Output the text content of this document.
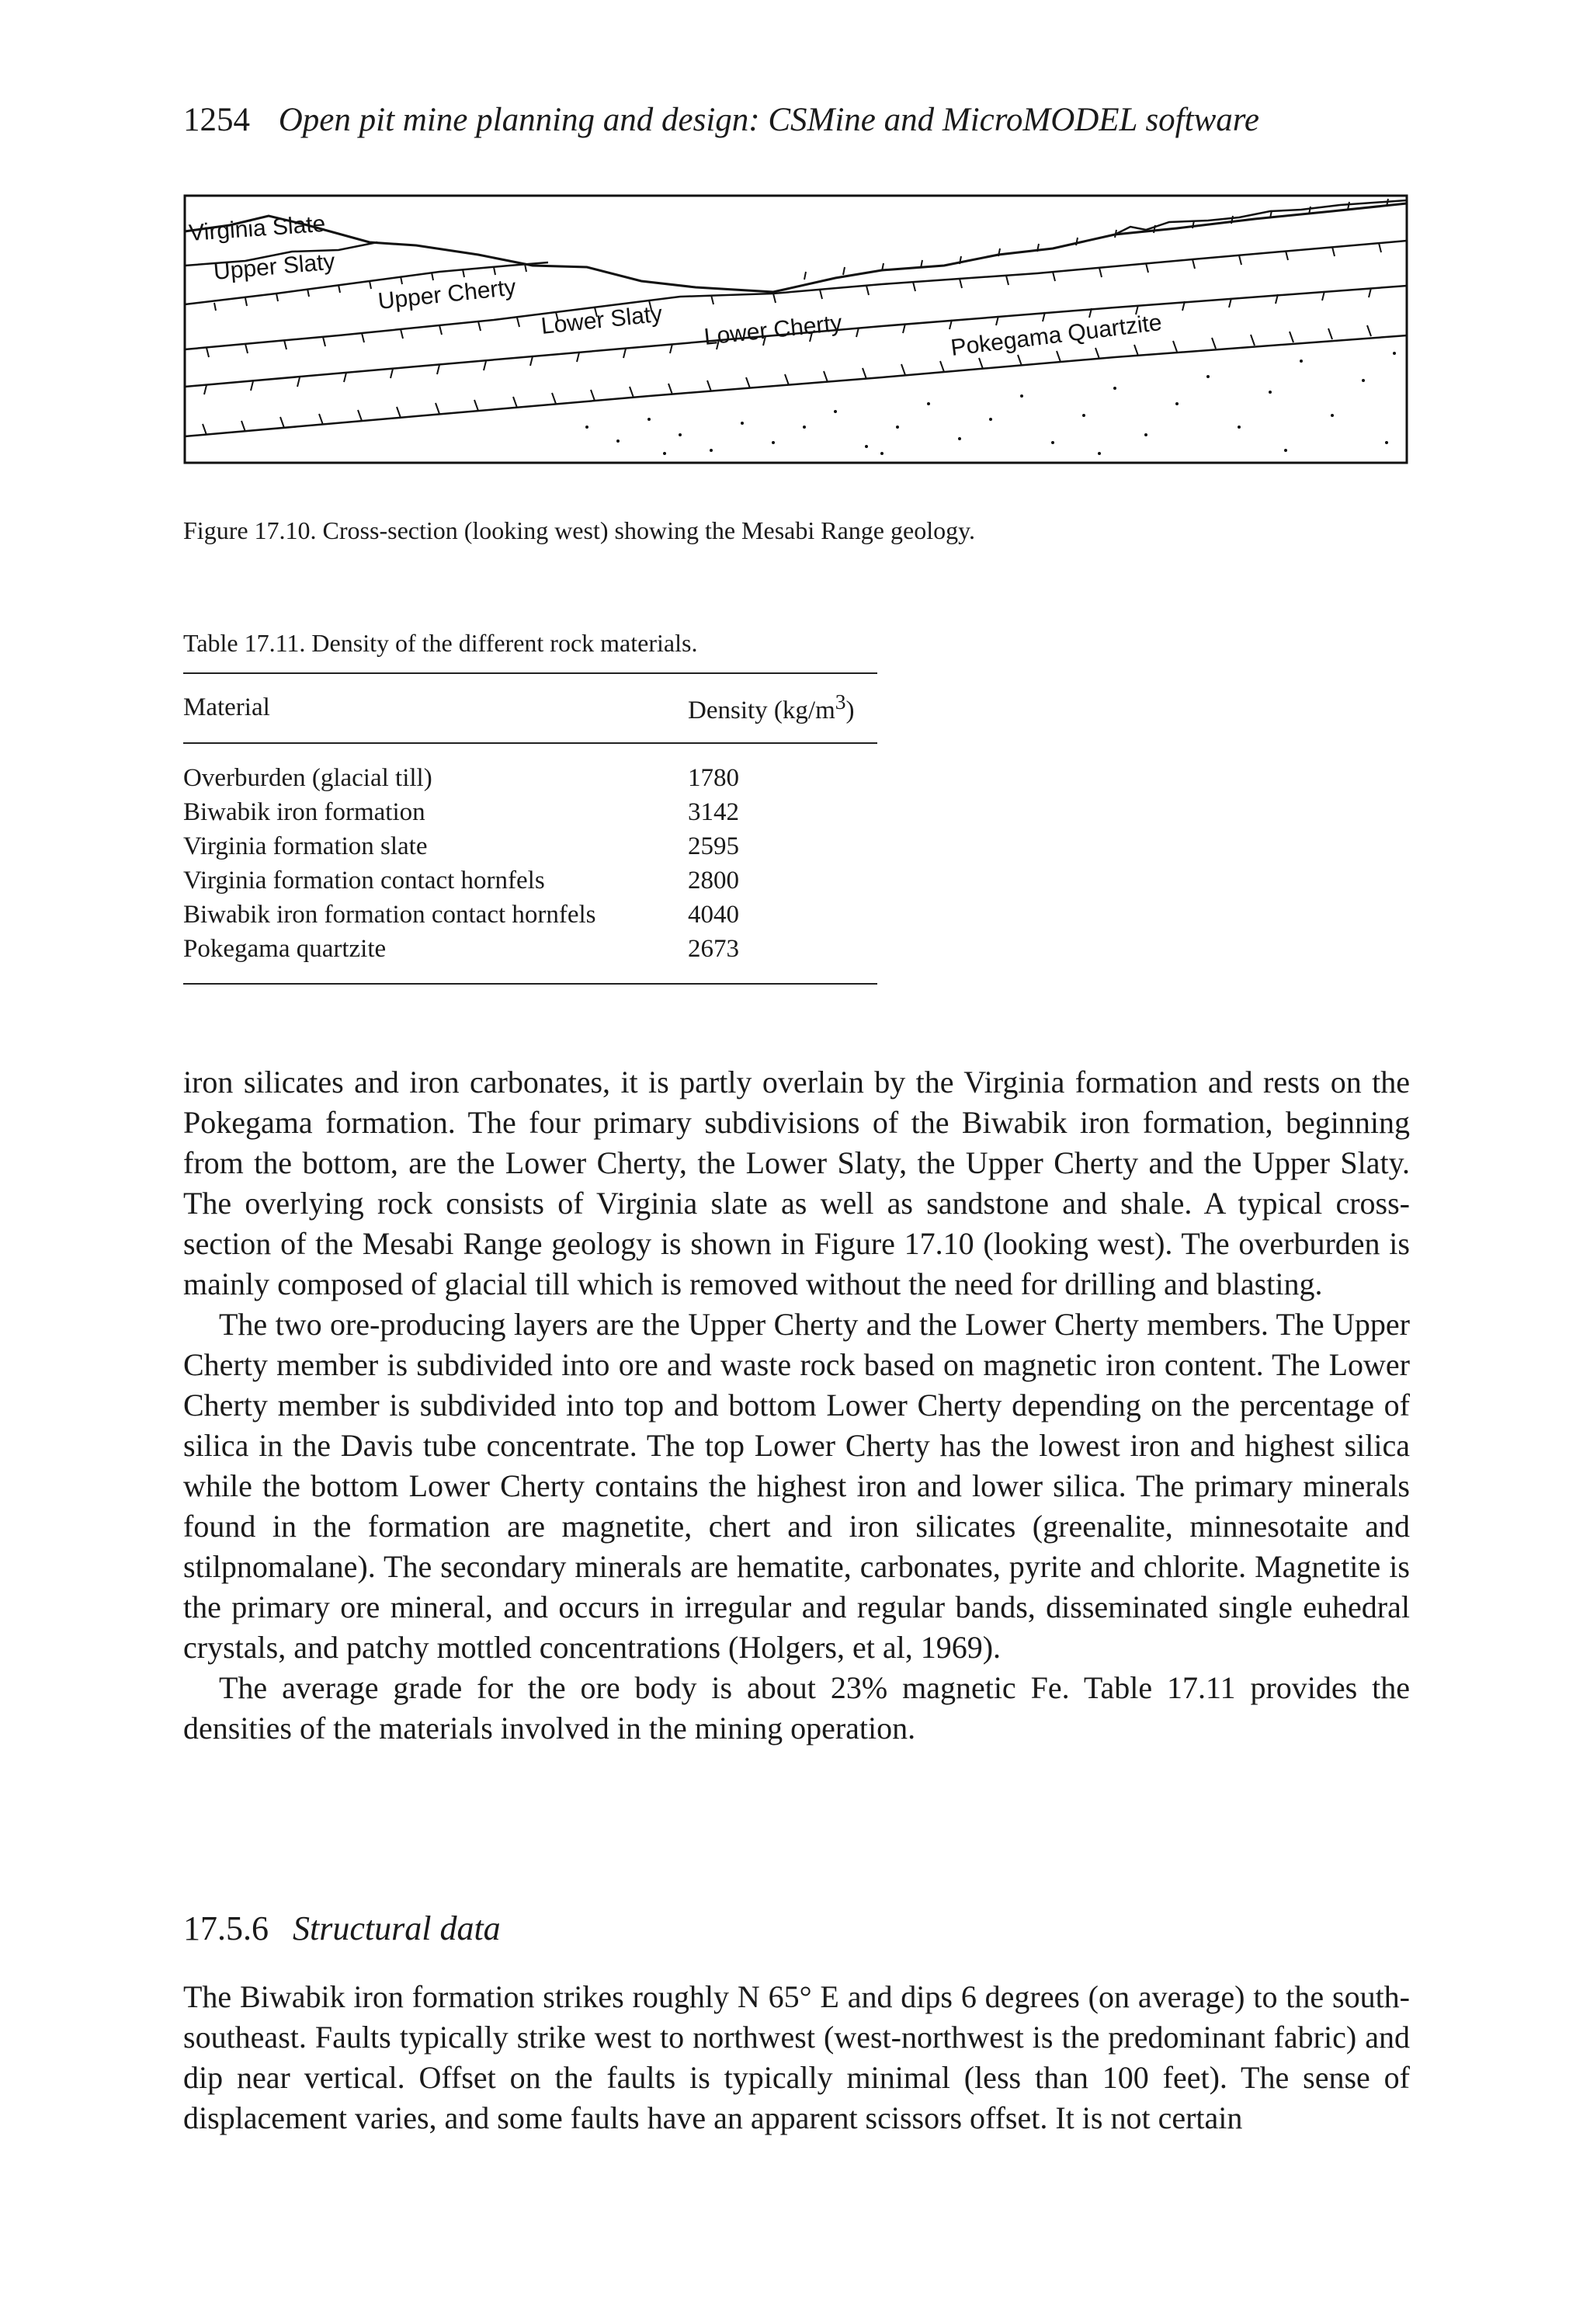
1254 Open pit mine planning and design: CSMine and MicroMODEL software
Virginia Slate
Upper Slaty
Upper Cherty
Lower Slaty Lower Cherty	Pokegama Quartzite
Figure 17.10. Cross-section (looking west) showing the Mesabi Range geology.
Table 17.11. Density of the different rock materials.
Material	Density $(kg/m^3)$
Overburden (glacial till)	1780
Biwabik iron formation	3142
Virginia formation slate	2595
Virginia formation contact hornfels	2800
Biwabik iron formation contact hornfels	4040
Pokegama quartzite	2673

iron silicates and iron carbonates, it is partly overlain by the Virginia formation and rests on the Pokegama formation. The four primary subdivisions of the Biwabik iron formation, beginning from the bottom, are the Lower Cherty, the Lower Slaty, the Upper Cherty and the Upper Slaty. The overlying rock consists of Virginia slate as well as sandstone and shale. A typical cross-section of the Mesabi Range geology is shown in Figure 17.10 (looking west). The overburden is mainly composed of glacial till which is removed without the need for drilling and blasting.

The two ore-producing layers are the Upper Cherty and the Lower Cherty members. The Upper Cherty member is subdivided into ore and waste rock based on magnetic iron content. The Lower Cherty member is subdivided into top and bottom Lower Cherty depending on the percentage of silica in the Davis tube concentrate. The top Lower Cherty has the lowest iron and highest silica while the bottom Lower Cherty contains the highest iron and lower silica. The primary minerals found in the formation are magnetite, chert and iron silicates (greenalite, minnesotaite and stilpnomalane). The secondary minerals are hematite, carbonates, pyrite and chlorite. Magnetite is the primary ore mineral, and occurs in irregular and regular bands, disseminated single euhedral crystals, and patchy mottled concentrations (Holgers, et al, 1969).

The average grade for the ore body is about 23% magnetic Fe. Table 17.11 provides the densities of the materials involved in the mining operation.

17.5.6 Structural data

The Biwabik iron formation strikes roughly N 65° E and dips 6 degrees (on average) to the south-southeast. Faults typically strike west to northwest (west-northwest is the predominant fabric) and dip near vertical. Offset on the faults is typically minimal (less than 100 feet). The sense of displacement varies, and some faults have an apparent scissors offset. It is not certain
